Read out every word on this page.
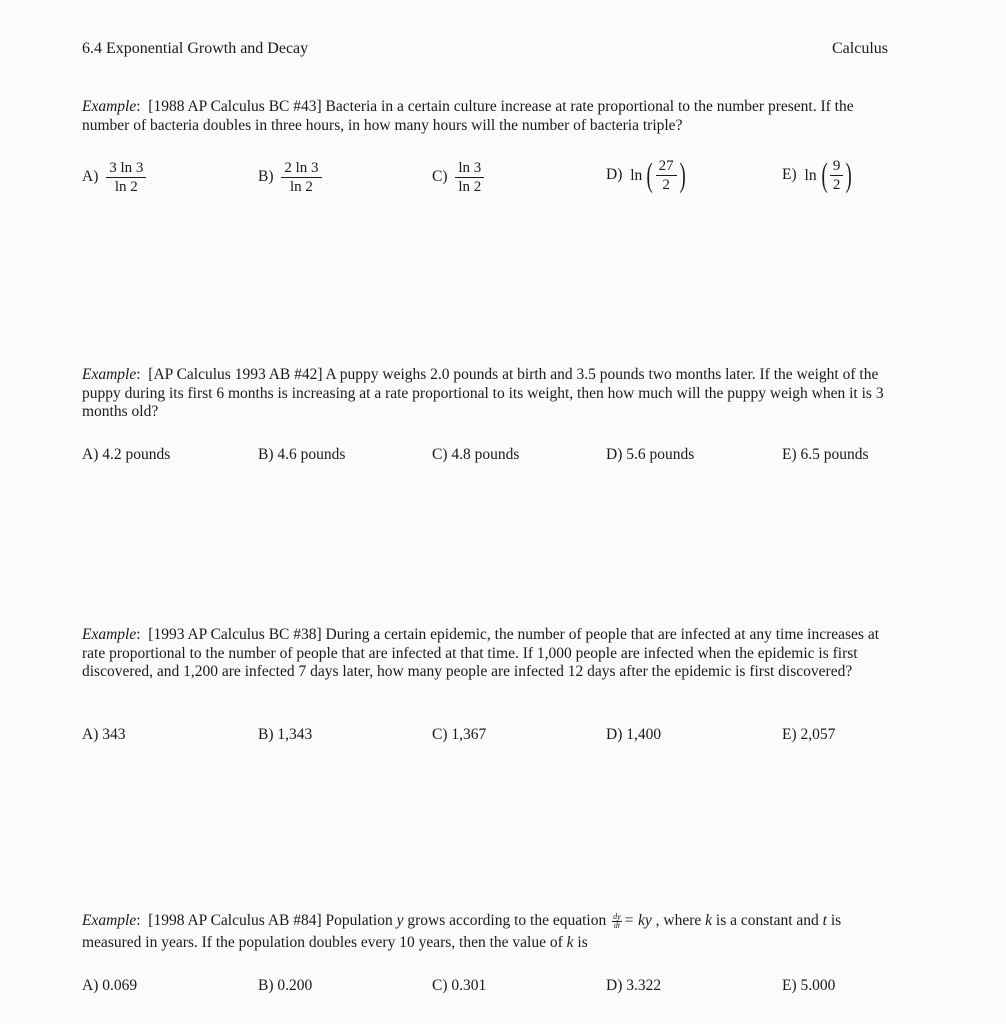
6.4 Exponential Growth and Decay	Calculus
Example:  [1988 AP Calculus BC #43] Bacteria in a certain culture increase at rate proportional to the number present. If the number of bacteria doubles in three hours, in how many hours will the number of bacteria triple?
$A) \frac{3 \ln 3}{\ln 2}$	$B) \frac{2 \ln 3}{\ln 2}$	$C) \frac{\ln 3}{\ln 2}$	D) ln ( $\frac{27}{2}$ )	E) ln ( $\frac{9}{2}$ )
Example:  [AP Calculus 1993 AB #42] A puppy weighs 2.0 pounds at birth and 3.5 pounds two months later. If the weight of the puppy during its first 6 months is increasing at a rate proportional to its weight, then how much will the puppy weigh when it is 3 months old?
A) 4.2 pounds	B) 4.6 pounds	C) 4.8 pounds	D) 5.6 pounds	E) 6.5 pounds
Example:  [1993 AP Calculus BC #38] During a certain epidemic, the number of people that are infected at any time increases at rate proportional to the number of people that are infected at that time. If 1,000 people are infected when the epidemic is first discovered, and 1,200 are infected 7 days later, how many people are infected 12 days after the epidemic is first discovered?
A) 343	B) 1,343	C) 1,367	D) 1,400	E) 2,057
Example:  [1998 AP Calculus AB #84] Population y grows according to the equation $\frac{dy}{dt}$ = ky , where k is a constant and t is measured in years. If the population doubles every 10 years, then the value of k is
A) 0.069	B) 0.200	C) 0.301	D) 3.322	E) 5.000
